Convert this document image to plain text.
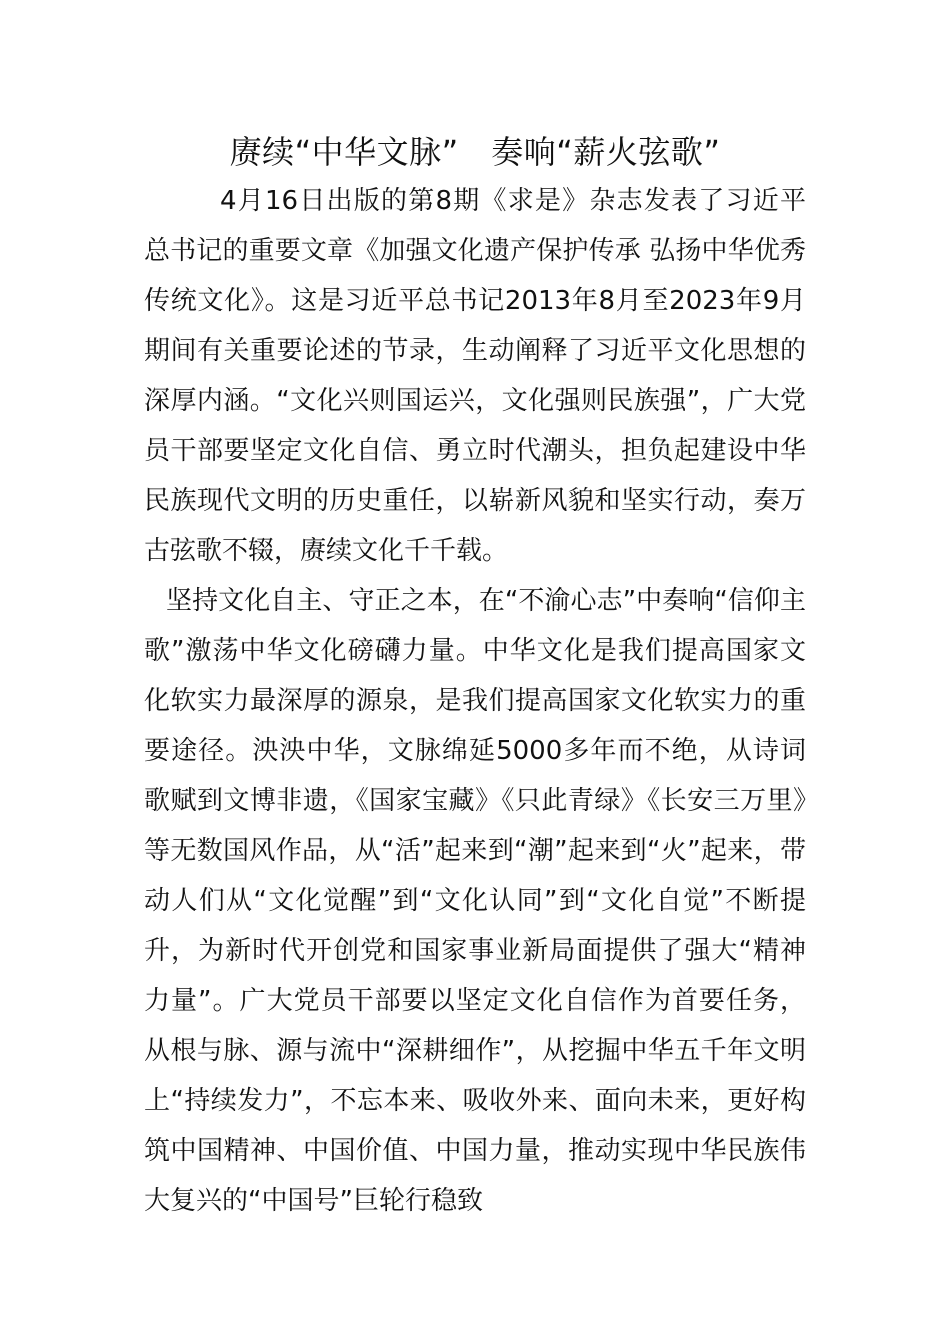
赓续“中华文脉”　奏响“薪火弦歌”

4月16日出版的第8期《求是》杂志发表了习近平总书记的重要文章《加强文化遗产保护传承 弘扬中华优秀传统文化》。这是习近平总书记2013年8月至2023年9月期间有关重要论述的节录，生动阐释了习近平文化思想的深厚内涵。“文化兴则国运兴，文化强则民族强”，广大党员干部要坚定文化自信、勇立时代潮头，担负起建设中华民族现代文明的历史重任，以崭新风貌和坚实行动，奏万古弦歌不辍，赓续文化千千载。

坚持文化自主、守正之本，在“不渝心志”中奏响“信仰主歌”激荡中华文化磅礴力量。中华文化是我们提高国家文化软实力最深厚的源泉，是我们提高国家文化软实力的重要途径。泱泱中华，文脉绵延5000多年而不绝，从诗词歌赋到文博非遗，《国家宝藏》《只此青绿》《长安三万里》等无数国风作品，从“活”起来到“潮”起来到“火”起来，带动人们从“文化觉醒”到“文化认同”到“文化自觉”不断提升，为新时代开创党和国家事业新局面提供了强大“精神力量”。广大党员干部要以坚定文化自信作为首要任务，从根与脉、源与流中“深耕细作”，从挖掘中华五千年文明上“持续发力”，不忘本来、吸收外来、面向未来，更好构筑中国精神、中国价值、中国力量，推动实现中华民族伟大复兴的“中国号”巨轮行稳致
